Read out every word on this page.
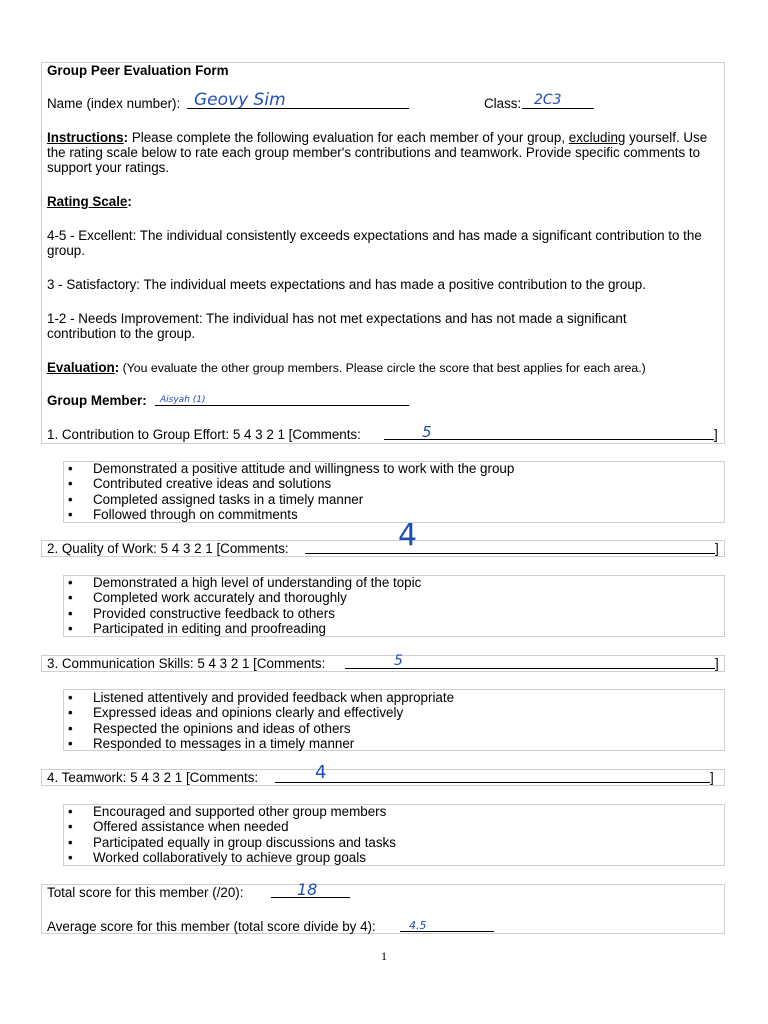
Group Peer Evaluation Form
Name (index number): Geovy Sim	Class: 2C3
Instructions: Please complete the following evaluation for each member of your group, excluding yourself. Use the rating scale below to rate each group member's contributions and teamwork. Provide specific comments to support your ratings.
Rating Scale:
4-5 - Excellent: The individual consistently exceeds expectations and has made a significant contribution to the group.
3 - Satisfactory: The individual meets expectations and has made a positive contribution to the group.
1-2 - Needs Improvement: The individual has not met expectations and has not made a significant contribution to the group.
Evaluation: (You evaluate the other group members. Please circle the score that best applies for each area.)
Group Member: Aisyah (1)
1. Contribution to Group Effort: 5 4 3 2 1 [Comments:	]
5
• Demonstrated a positive attitude and willingness to work with the group
• Contributed creative ideas and solutions
• Completed assigned tasks in a timely manner
• Followed through on commitments
2. Quality of Work: 5 4 3 2 1 [Comments:	]
4
• Demonstrated a high level of understanding of the topic
• Completed work accurately and thoroughly
• Provided constructive feedback to others
• Participated in editing and proofreading
3. Communication Skills: 5 4 3 2 1 [Comments:	]
5
• Listened attentively and provided feedback when appropriate
• Expressed ideas and opinions clearly and effectively
• Respected the opinions and ideas of others
• Responded to messages in a timely manner
4. Teamwork: 5 4 3 2 1 [Comments:	]
4
• Encouraged and supported other group members
• Offered assistance when needed
• Participated equally in group discussions and tasks
• Worked collaboratively to achieve group goals
Total score for this member (/20):	18
Average score for this member (total score divide by 4):	4.5
1
